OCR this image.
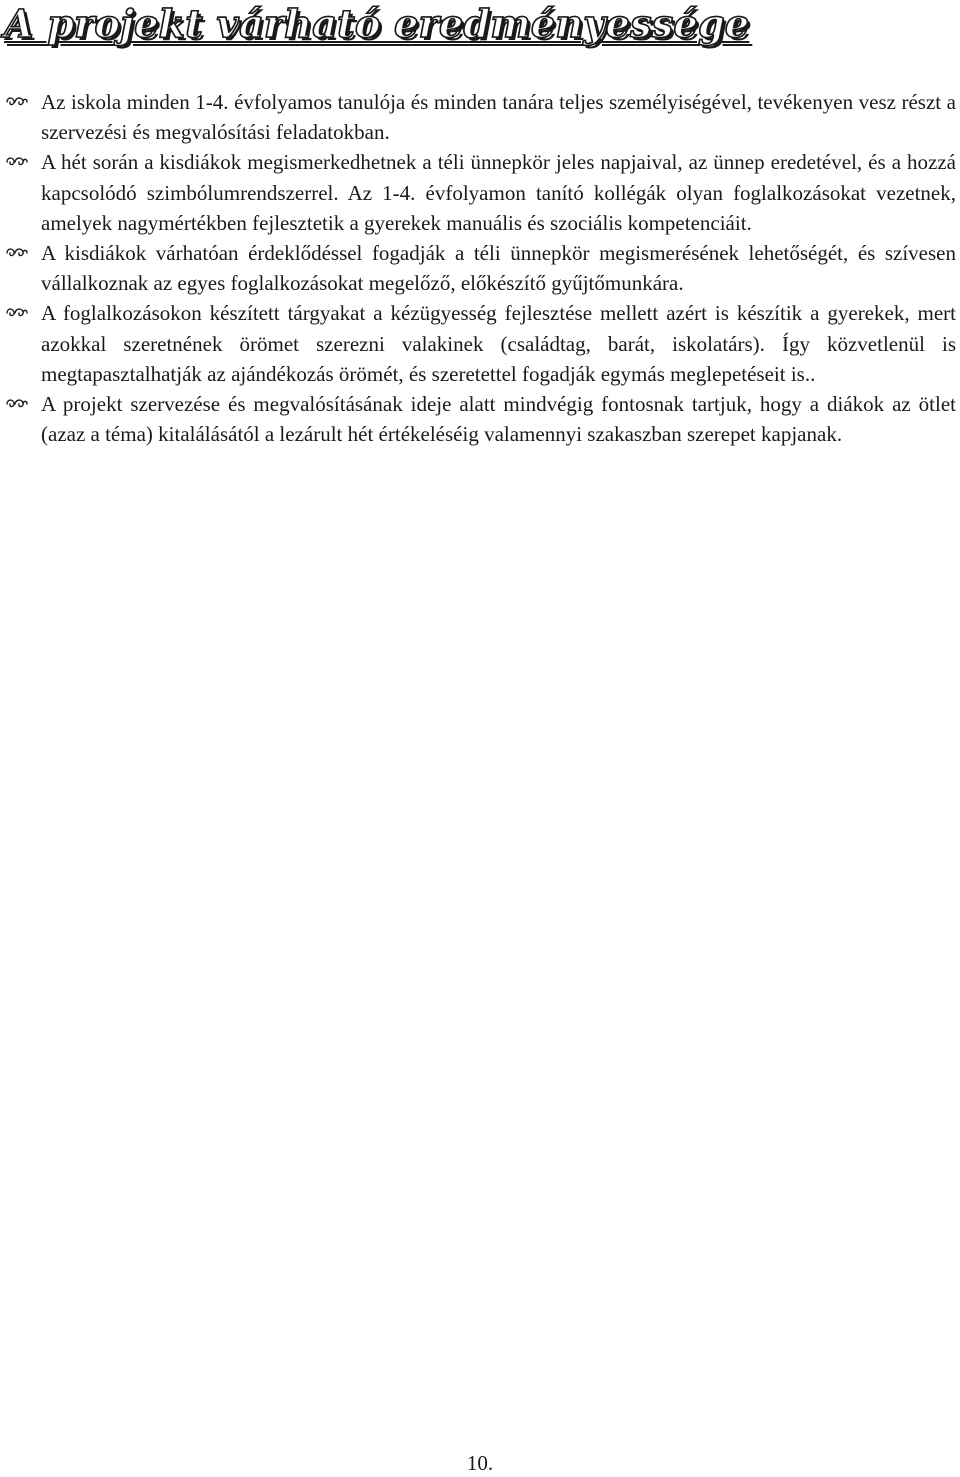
A projekt várható eredményessége
Az iskola minden 1-4. évfolyamos tanulója és minden tanára teljes személyiségével, tevékenyen vesz részt a szervezési és megvalósítási feladatokban.
A hét során a kisdiákok megismerkedhetnek a téli ünnepkör jeles napjaival, az ünnep eredetével, és a hozzá kapcsolódó szimbólumrendszerrel. Az 1-4. évfolyamon tanító kollégák olyan foglalkozásokat vezetnek, amelyek nagymértékben fejlesztetik a gyerekek manuális és szociális kompetenciáit.
A kisdiákok várhatóan érdeklődéssel fogadják a téli ünnepkör megismerésének lehetőségét, és szívesen vállalkoznak az egyes foglalkozásokat megelőző, előkészítő gyűjtőmunkára.
A foglalkozásokon készített tárgyakat a kézügyesség fejlesztése mellett azért is készítik a gyerekek, mert azokkal szeretnének örömet szerezni valakinek (családtag, barát, iskolatárs). Így közvetlenül is megtapasztalhatják az ajándékozás örömét, és szeretettel fogadják egymás meglepetéseit is..
A projekt szervezése és megvalósításának ideje alatt mindvégig fontosnak tartjuk, hogy a diákok az ötlet (azaz a téma) kitalálásától a lezárult hét értékeléséig valamennyi szakaszban szerepet kapjanak.
10.
